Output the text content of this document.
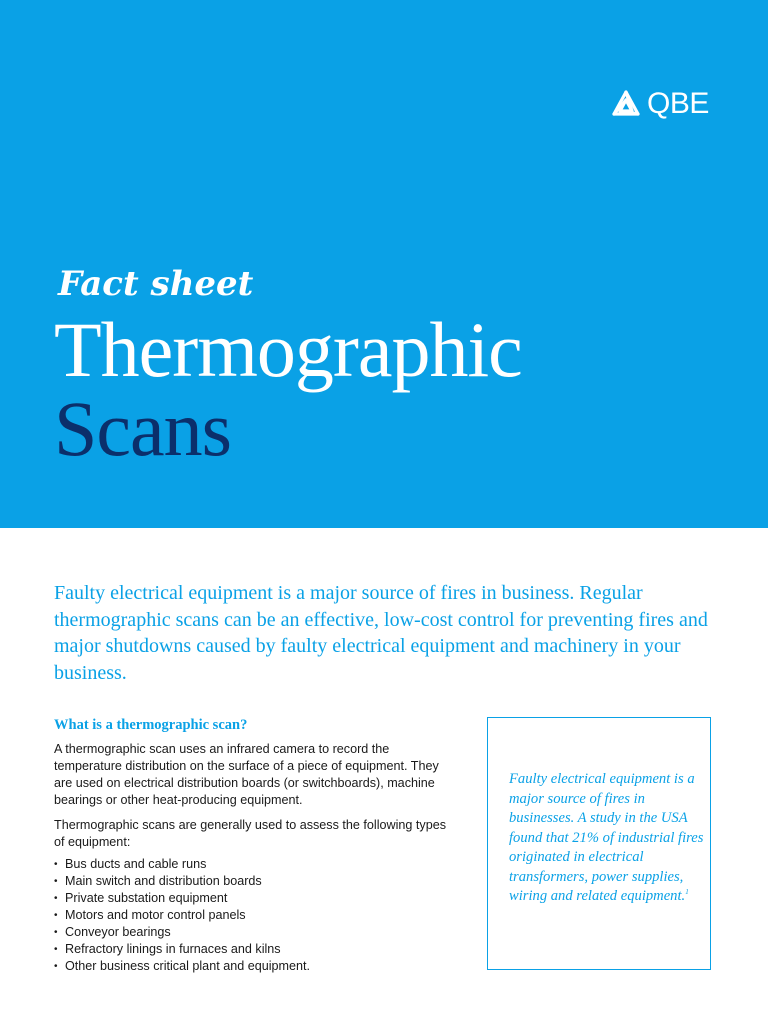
QBE
Fact sheet
Thermographic
Scans
Faulty electrical equipment is a major source of fires in business. Regular thermographic scans can be an effective, low-cost control for preventing fires and major shutdowns caused by faulty electrical equipment and machinery in your business.
What is a thermographic scan?
A thermographic scan uses an infrared camera to record the temperature distribution on the surface of a piece of equipment. They are used on electrical distribution boards (or switchboards), machine bearings or other heat-producing equipment.
Thermographic scans are generally used to assess the following types of equipment:
• Bus ducts and cable runs
• Main switch and distribution boards
• Private substation equipment
• Motors and motor control panels
• Conveyor bearings
• Refractory linings in furnaces and kilns
• Other business critical plant and equipment.
Faulty electrical equipment is a major source of fires in businesses. A study in the USA found that 21% of industrial fires originated in electrical transformers, power supplies, wiring and related equipment.$^1$
